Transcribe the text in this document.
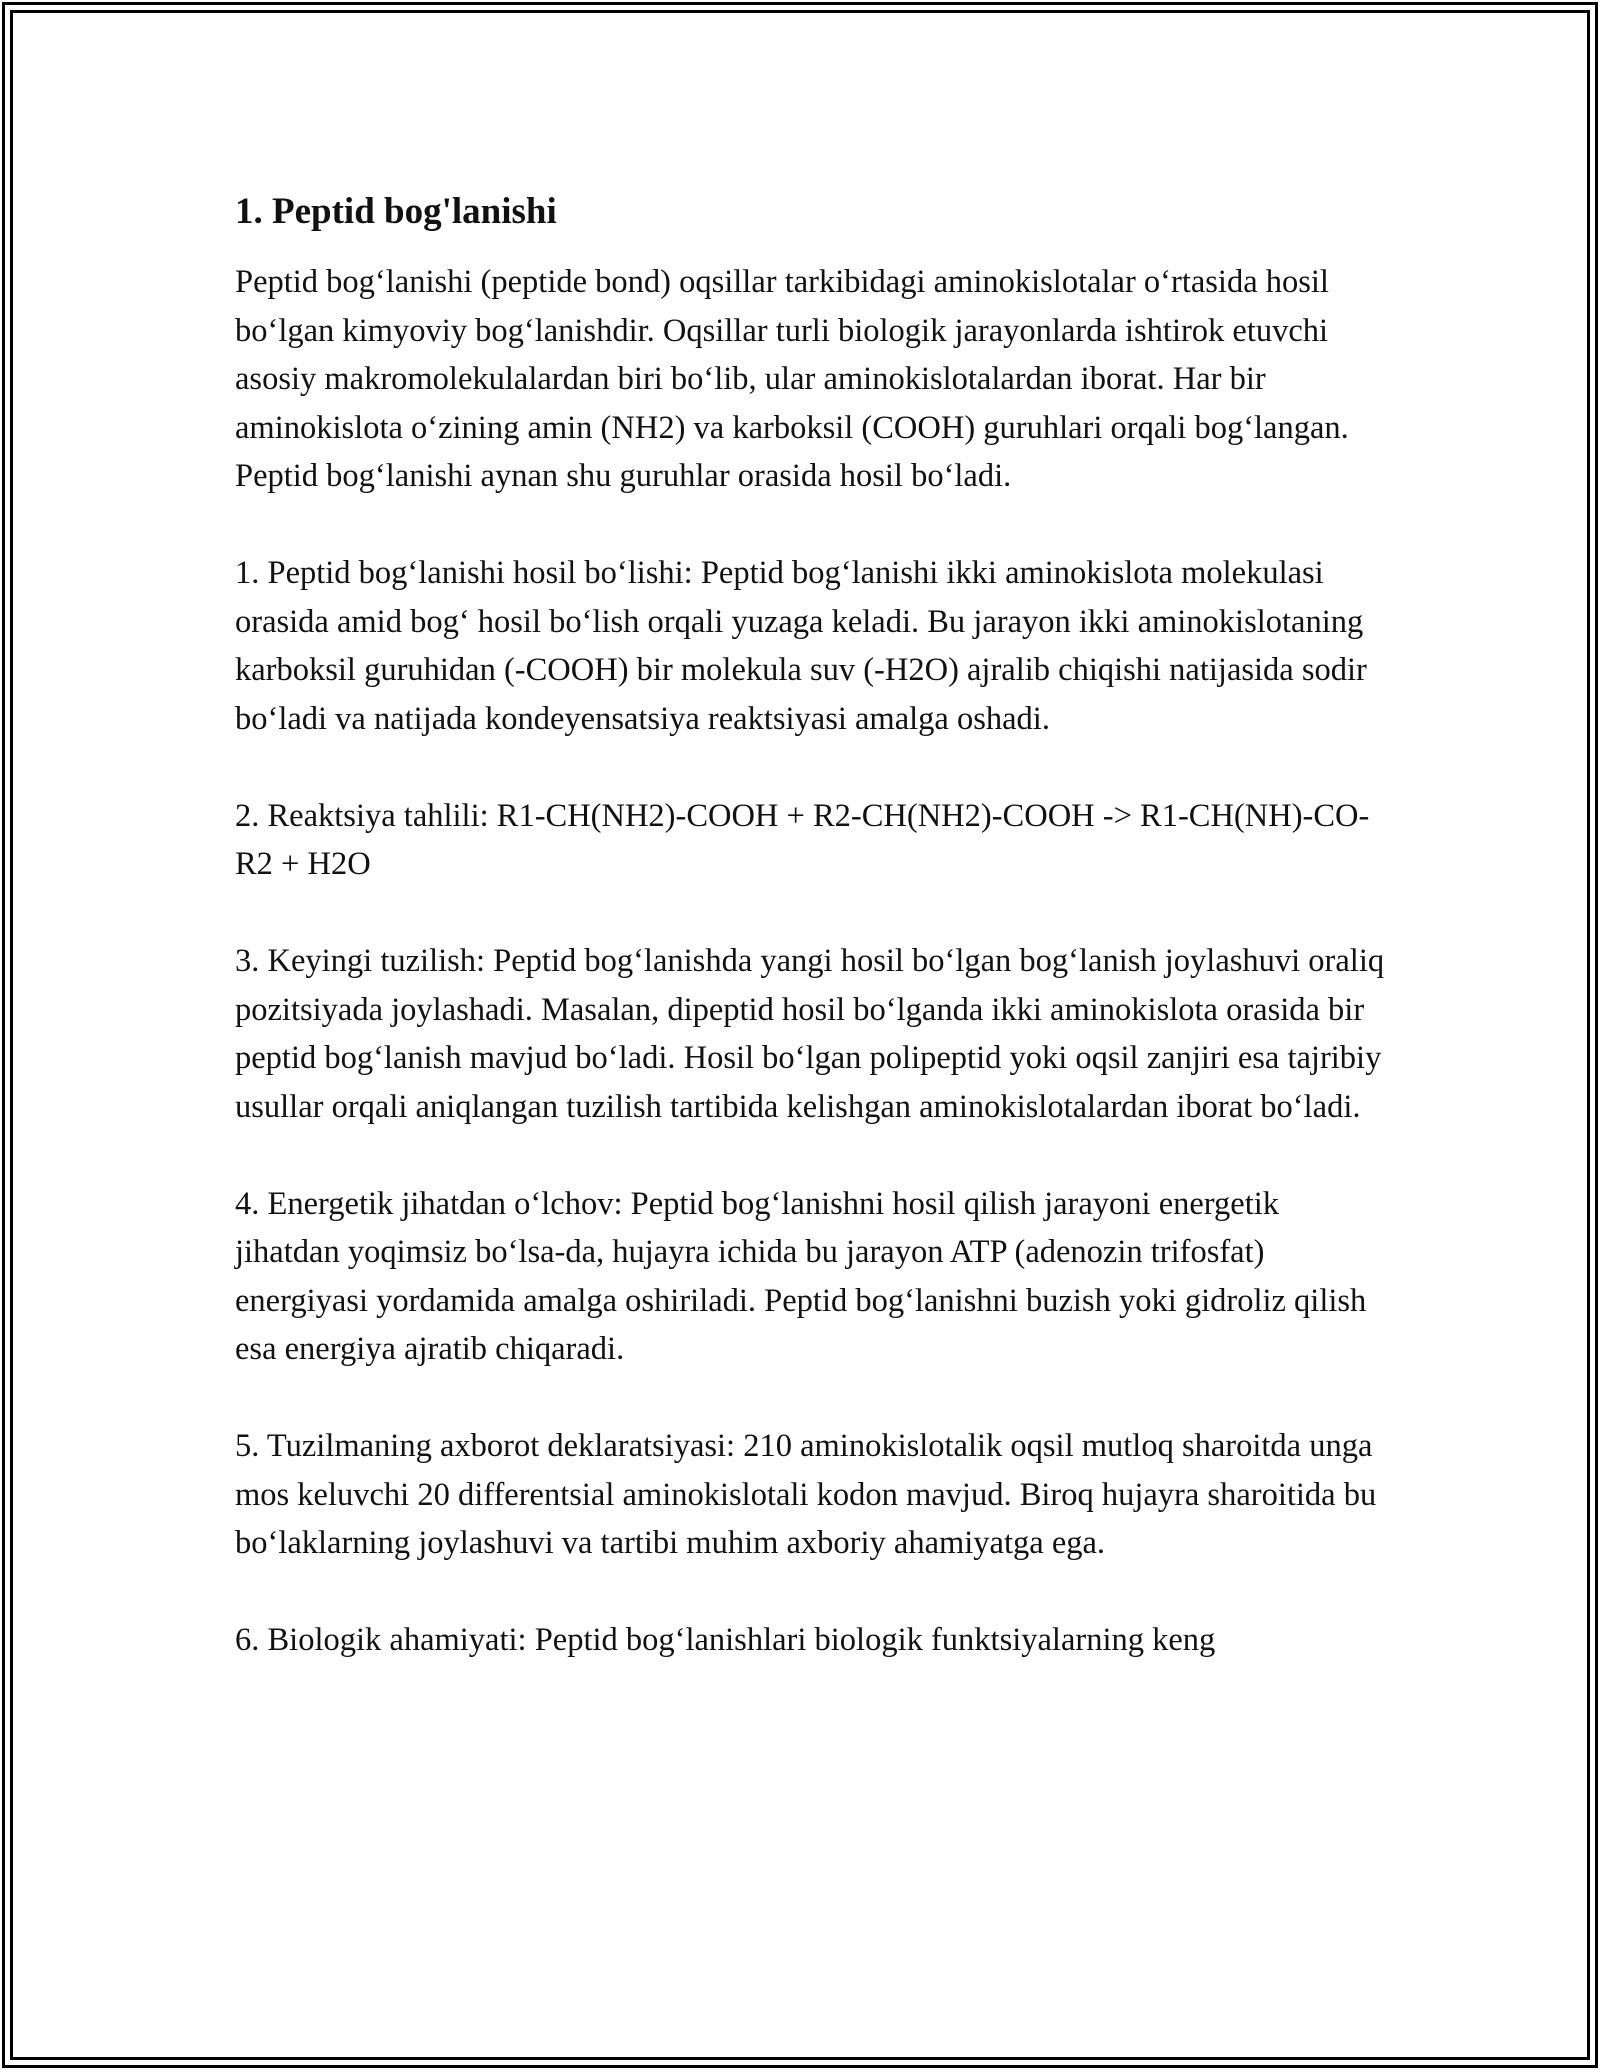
1. Peptid bog'lanishi

Peptid bog‘lanishi (peptide bond) oqsillar tarkibidagi aminokislotalar o‘rtasida hosil bo‘lgan kimyoviy bog‘lanishdir. Oqsillar turli biologik jarayonlarda ishtirok etuvchi asosiy makromolekulalardan biri bo‘lib, ular aminokislotalardan iborat. Har bir aminokislota o‘zining amin (NH2) va karboksil (COOH) guruhlari orqali bog‘langan. Peptid bog‘lanishi aynan shu guruhlar orasida hosil bo‘ladi.

1. Peptid bog‘lanishi hosil bo‘lishi: Peptid bog‘lanishi ikki aminokislota molekulasi orasida amid bog‘ hosil bo‘lish orqali yuzaga keladi. Bu jarayon ikki aminokislotaning karboksil guruhidan (-COOH) bir molekula suv (-H2O) ajralib chiqishi natijasida sodir bo‘ladi va natijada kondeyensatsiya reaktsiyasi amalga oshadi.

2. Reaktsiya tahlili: R1-CH(NH2)-COOH + R2-CH(NH2)-COOH -> R1-CH(NH)-CO-R2 + H2O

3. Keyingi tuzilish: Peptid bog‘lanishda yangi hosil bo‘lgan bog‘lanish joylashuvi oraliq pozitsiyada joylashadi. Masalan, dipeptid hosil bo‘lganda ikki aminokislota orasida bir peptid bog‘lanish mavjud bo‘ladi. Hosil bo‘lgan polipeptid yoki oqsil zanjiri esa tajribiy usullar orqali aniqlangan tuzilish tartibida kelishgan aminokislotalardan iborat bo‘ladi.

4. Energetik jihatdan o‘lchov: Peptid bog‘lanishni hosil qilish jarayoni energetik jihatdan yoqimsiz bo‘lsa-da, hujayra ichida bu jarayon ATP (adenozin trifosfat) energiyasi yordamida amalga oshiriladi. Peptid bog‘lanishni buzish yoki gidroliz qilish esa energiya ajratib chiqaradi.

5. Tuzilmaning axborot deklaratsiyasi: 210 aminokislotalik oqsil mutloq sharoitda unga mos keluvchi 20 differentsial aminokislotali kodon mavjud. Biroq hujayra sharoitida bu bo‘laklarning joylashuvi va tartibi muhim axboriy ahamiyatga ega.

6. Biologik ahamiyati: Peptid bog‘lanishlari biologik funktsiyalarning keng
